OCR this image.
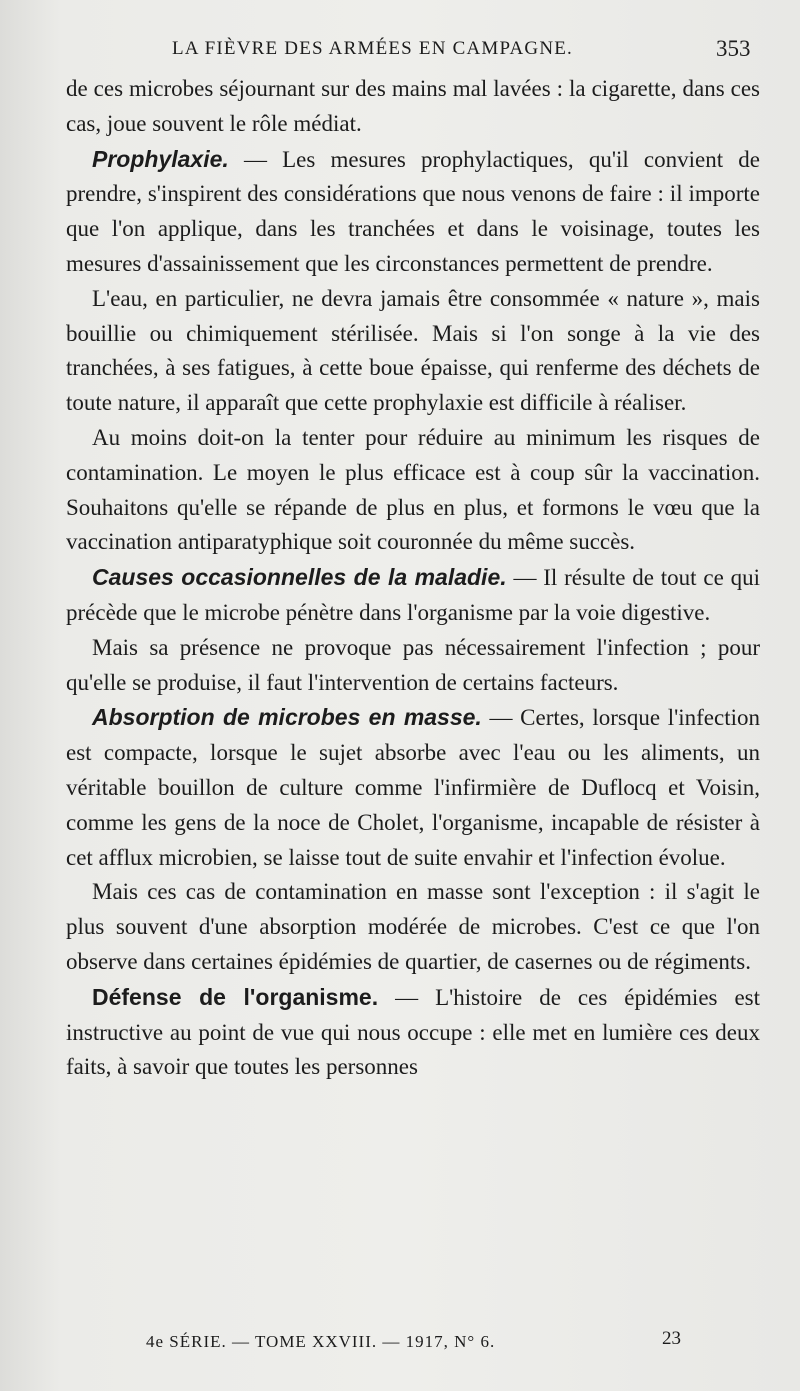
LA FIÈVRE DES ARMÉES EN CAMPAGNE.	353

de ces microbes séjournant sur des mains mal lavées : la cigarette, dans ces cas, joue souvent le rôle médiat.

Prophylaxie. — Les mesures prophylactiques, qu'il convient de prendre, s'inspirent des considérations que nous venons de faire : il importe que l'on applique, dans les tranchées et dans le voisinage, toutes les mesures d'assainissement que les circonstances permettent de prendre.

L'eau, en particulier, ne devra jamais être consommée « nature », mais bouillie ou chimiquement stérilisée. Mais si l'on songe à la vie des tranchées, à ses fatigues, à cette boue épaisse, qui renferme des déchets de toute nature, il apparaît que cette prophylaxie est difficile à réaliser.

Au moins doit-on la tenter pour réduire au minimum les risques de contamination. Le moyen le plus efficace est à coup sûr la vaccination. Souhaitons qu'elle se répande de plus en plus, et formons le vœu que la vaccination antiparatyphique soit couronnée du même succès.

Causes occasionnelles de la maladie. — Il résulte de tout ce qui précède que le microbe pénètre dans l'organisme par la voie digestive.

Mais sa présence ne provoque pas nécessairement l'infection ; pour qu'elle se produise, il faut l'intervention de certains facteurs.

Absorption de microbes en masse. — Certes, lorsque l'infection est compacte, lorsque le sujet absorbe avec l'eau ou les aliments, un véritable bouillon de culture comme l'infirmière de Duflocq et Voisin, comme les gens de la noce de Cholet, l'organisme, incapable de résister à cet afflux microbien, se laisse tout de suite envahir et l'infection évolue.

Mais ces cas de contamination en masse sont l'exception : il s'agit le plus souvent d'une absorption modérée de microbes. C'est ce que l'on observe dans certaines épidémies de quartier, de casernes ou de régiments.

Défense de l'organisme. — L'histoire de ces épidémies est instructive au point de vue qui nous occupe : elle met en lumière ces deux faits, à savoir que toutes les personnes

4e SÉRIE. — TOME XXVIII. — 1917, N° 6.	23
